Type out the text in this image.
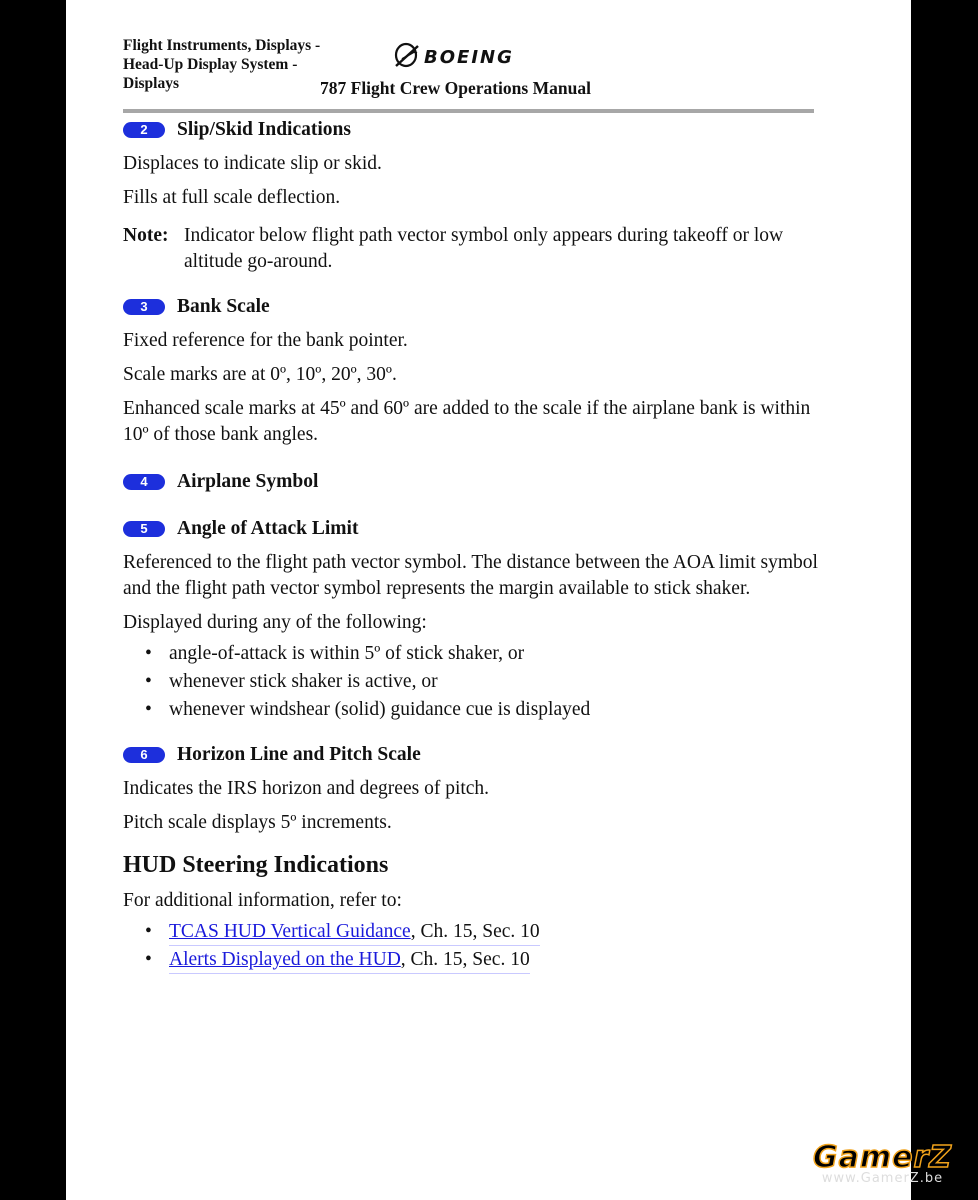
Flight Instruments, Displays -
Head-Up Display System -
Displays
BOEING
787 Flight Crew Operations Manual
2	Slip/Skid Indications

Displaces to indicate slip or skid.

Fills at full scale deflection.

Note: Indicator below flight path vector symbol only appears during takeoff or low altitude go-around.
3	Bank Scale

Fixed reference for the bank pointer.

Scale marks are at 0º, 10º, 20º, 30º.

Enhanced scale marks at 45º and 60º are added to the scale if the airplane bank is within 10º of those bank angles.

4	Airplane Symbol
5	Angle of Attack Limit

Referenced to the flight path vector symbol. The distance between the AOA limit symbol and the flight path vector symbol represents the margin available to stick shaker.

Displayed during any of the following:

• angle-of-attack is within 5º of stick shaker, or
• whenever stick shaker is active, or
• whenever windshear (solid) guidance cue is displayed
6	Horizon Line and Pitch Scale

Indicates the IRS horizon and degrees of pitch.

Pitch scale displays 5º increments.

HUD Steering Indications

For additional information, refer to:

• TCAS HUD Vertical Guidance, Ch. 15, Sec. 10
• Alerts Displayed on the HUD, Ch. 15, Sec. 10
GamerZ
www.GamerZ.be
